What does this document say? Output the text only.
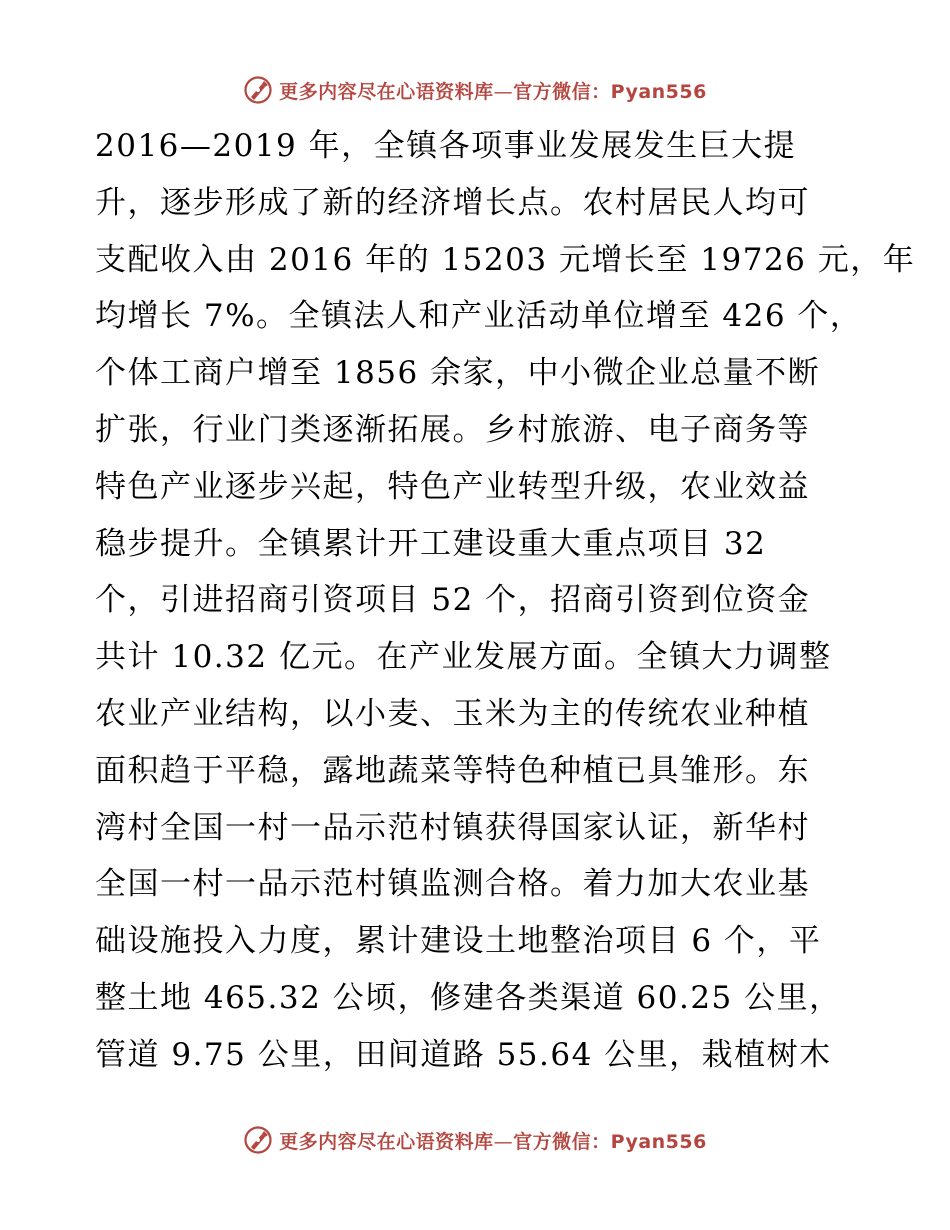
更多内容尽在心语资料库—官方微信：Pyan556
2016—2019 年，全镇各项事业发展发生巨大提
升，逐步形成了新的经济增长点。农村居民人均可
支配收入由 2016 年的 15203 元增长至 19726 元，年
均增长 7%。全镇法人和产业活动单位增至 426 个，
个体工商户增至 1856 余家，中小微企业总量不断
扩张，行业门类逐渐拓展。乡村旅游、电子商务等
特色产业逐步兴起，特色产业转型升级，农业效益
稳步提升。全镇累计开工建设重大重点项目 32
个，引进招商引资项目 52 个，招商引资到位资金
共计 10.32 亿元。在产业发展方面。全镇大力调整
农业产业结构，以小麦、玉米为主的传统农业种植
面积趋于平稳，露地蔬菜等特色种植已具雏形。东
湾村全国一村一品示范村镇获得国家认证，新华村
全国一村一品示范村镇监测合格。着力加大农业基
础设施投入力度，累计建设土地整治项目 6 个，平
整土地 465.32 公顷，修建各类渠道 60.25 公里，
管道 9.75 公里，田间道路 55.64 公里，栽植树木
更多内容尽在心语资料库—官方微信：Pyan556
